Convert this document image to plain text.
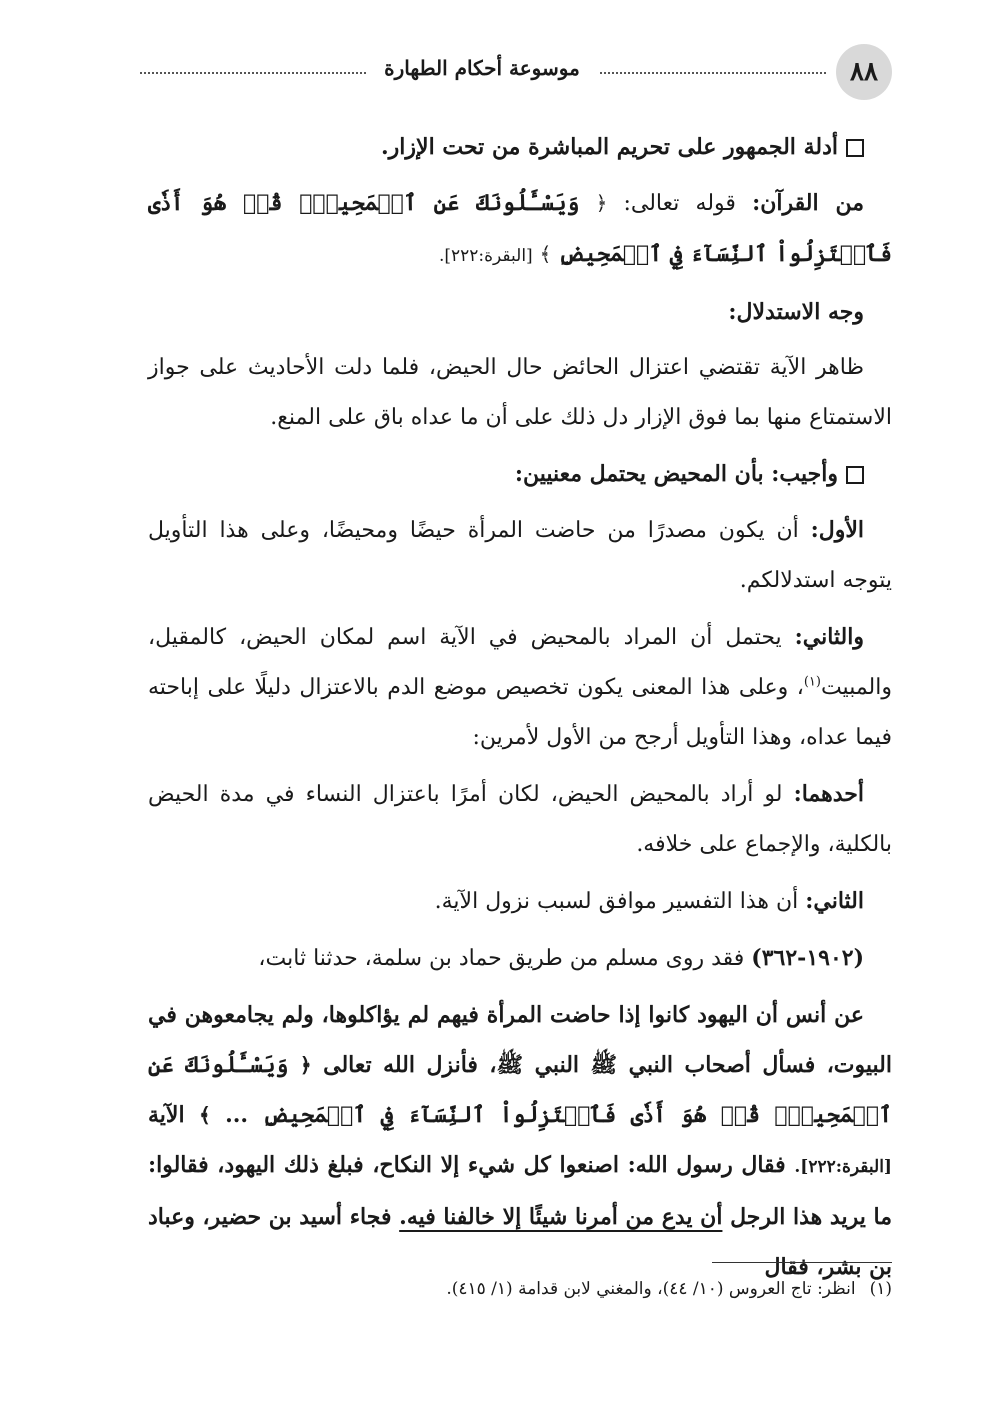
٨٨
موسوعة أحكام الطهارة

أدلة الجمهور على تحريم المباشرة من تحت الإزار.

من القرآن: قوله تعالى: ﴿ وَيَسْـَٔلُونَكَ عَنِ ٱلۡمَحِيضِۖ قُلۡ هُوَ أَذٗى فَٱعۡتَزِلُواْ ٱلنِّسَآءَ فِي ٱلۡمَحِيضِ ﴾ [البقرة:٢٢٢].

وجه الاستدلال:

ظاهر الآية تقتضي اعتزال الحائض حال الحيض، فلما دلت الأحاديث على جواز الاستمتاع منها بما فوق الإزار دل ذلك على أن ما عداه باق على المنع.

وأجيب: بأن المحيض يحتمل معنيين:

الأول: أن يكون مصدرًا من حاضت المرأة حيضًا ومحيضًا، وعلى هذا التأويل يتوجه استدلالكم.

والثاني: يحتمل أن المراد بالمحيض في الآية اسم لمكان الحيض، كالمقيل، والمبيت$^{(١)}$، وعلى هذا المعنى يكون تخصيص موضع الدم بالاعتزال دليلًا على إباحته فيما عداه، وهذا التأويل أرجح من الأول لأمرين:

أحدهما: لو أراد بالمحيض الحيض، لكان أمرًا باعتزال النساء في مدة الحيض بالكلية، والإجماع على خلافه.

الثاني: أن هذا التفسير موافق لسبب نزول الآية.

(١٩٠٢-٣٦٢) فقد روى مسلم من طريق حماد بن سلمة، حدثنا ثابت،

عن أنس أن اليهود كانوا إذا حاضت المرأة فيهم لم يؤاكلوها، ولم يجامعوهن في البيوت، فسأل أصحاب النبي ﷺ النبي ﷺ، فأنزل الله تعالى ﴿ وَيَسْـَٔلُونَكَ عَنِ ٱلۡمَحِيضِۖ قُلۡ هُوَ أَذٗى فَٱعۡتَزِلُواْ ٱلنِّسَآءَ فِي ٱلۡمَحِيضِ ... ﴾ الآية [البقرة:٢٢٢]. فقال رسول الله: اصنعوا كل شيء إلا النكاح، فبلغ ذلك اليهود، فقالوا: ما يريد هذا الرجل أن يدع من أمرنا شيئًا إلا خالفنا فيه. فجاء أسيد بن حضير، وعباد بن بشر، فقال

(١)انظر: تاج العروس (١٠/ ٤٤)، والمغني لابن قدامة (١/ ٤١٥).
